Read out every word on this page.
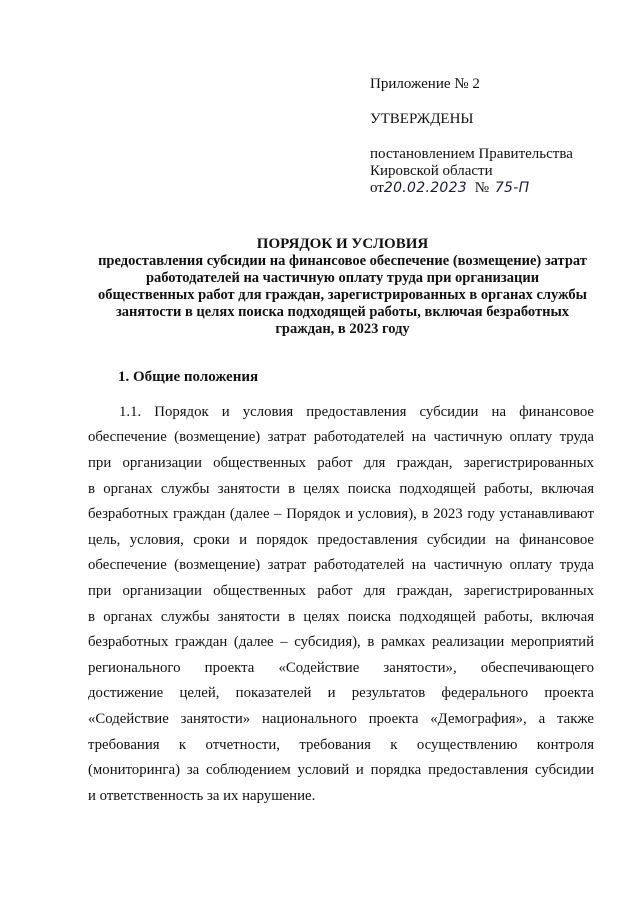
Приложение № 2
УТВЕРЖДЕНЫ
постановлением Правительства
Кировской области
от20.02.2023 № 75-П

ПОРЯДОК И УСЛОВИЯ

предоставления субсидии на финансовое обеспечение (возмещение) затрат

работодателей на частичную оплату труда при организации

общественных работ для граждан, зарегистрированных в органах службы

занятости в целях поиска подходящей работы, включая безработных

граждан, в 2023 году

1. Общие положения
1.1. Порядок и условия предоставления субсидии на финансовое
обеспечение (возмещение) затрат работодателей на частичную оплату труда
при организации общественных работ для граждан, зарегистрированных
в органах службы занятости в целях поиска подходящей работы, включая
безработных граждан (далее – Порядок и условия), в 2023 году устанавливают
цель, условия, сроки и порядок предоставления субсидии на финансовое
обеспечение (возмещение) затрат работодателей на частичную оплату труда
при организации общественных работ для граждан, зарегистрированных
в органах службы занятости в целях поиска подходящей работы, включая
безработных граждан (далее – субсидия), в рамках реализации мероприятий
регионального проекта «Содействие занятости», обеспечивающего
достижение целей, показателей и результатов федерального проекта
«Содействие занятости» национального проекта «Демография», а также
требования к отчетности, требования к осуществлению контроля
(мониторинга) за соблюдением условий и порядка предоставления субсидии
и ответственность за их нарушение.
